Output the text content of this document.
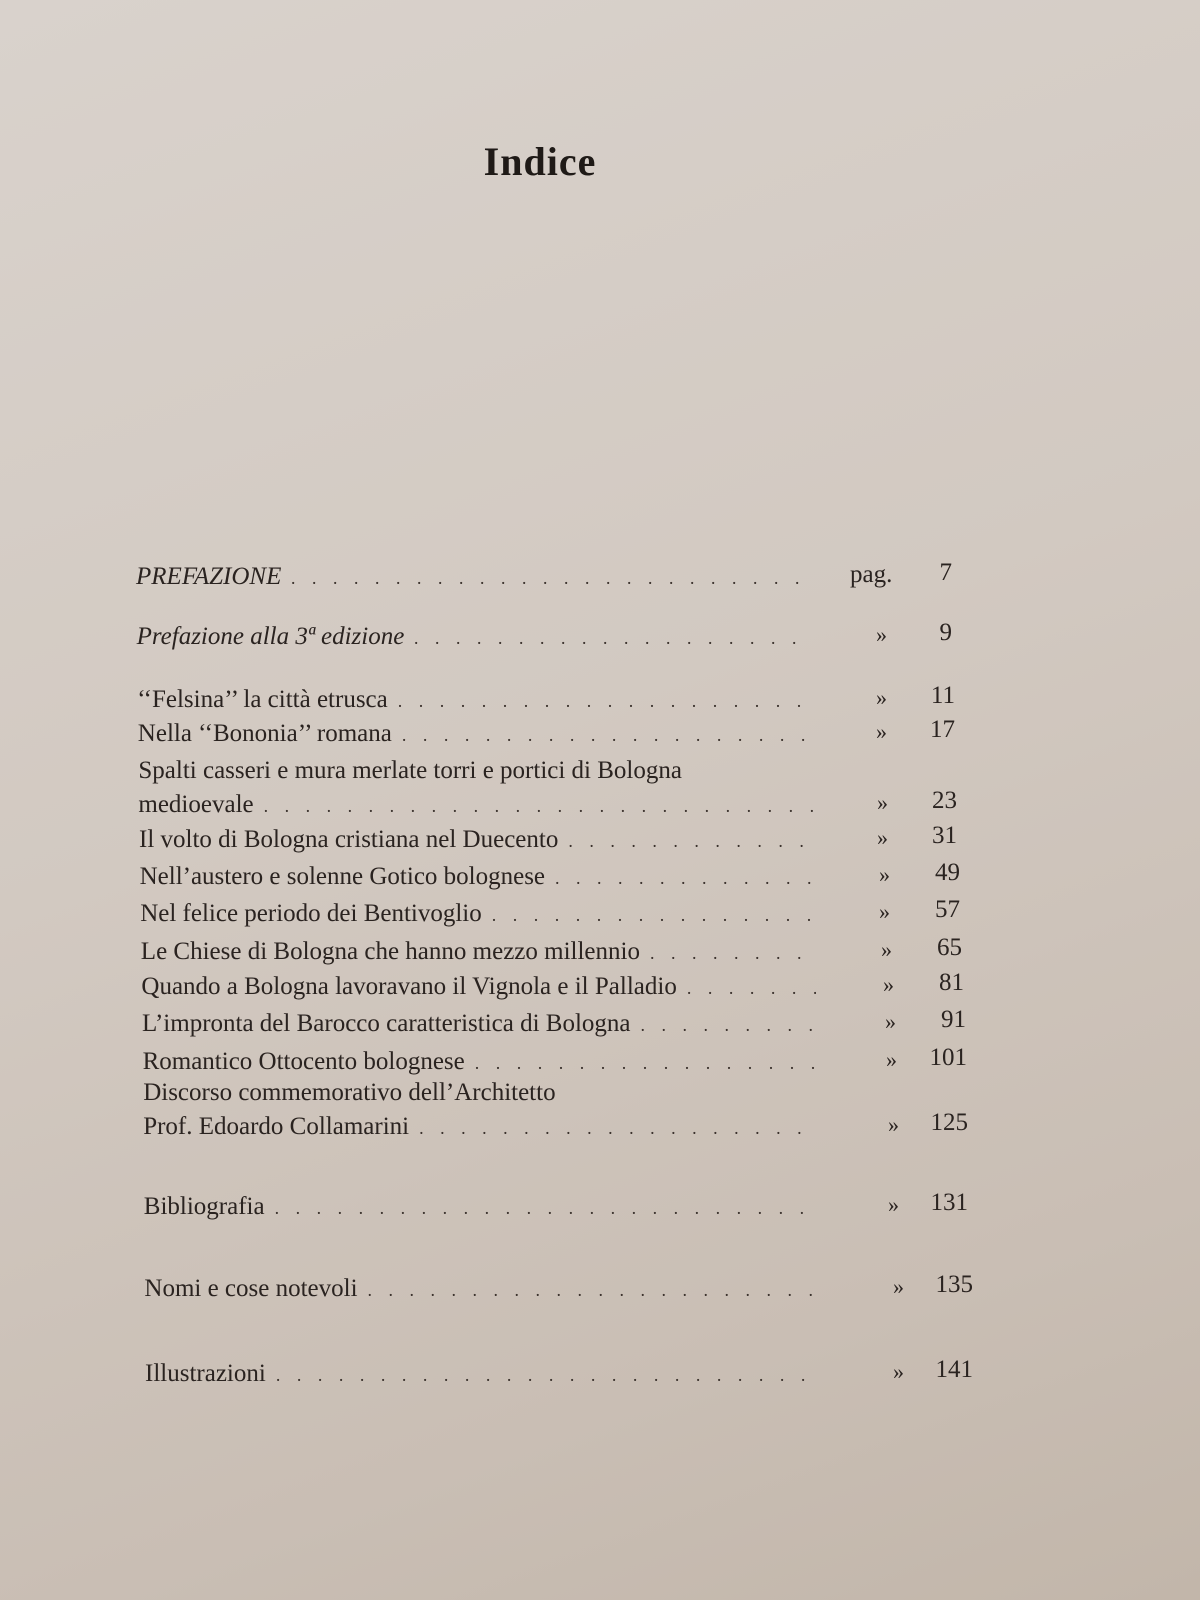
Indice
PREFAZIONE . . .	pag.	7
Prefazione alla 3ª edizione . . .	»	9
‘‘Felsina’’ la città etrusca . . .	»	11
Nella ‘‘Bononia’’ romana . . .	»	17
Spalti casseri e mura merlate torri e portici di Bologna
medioevale . . .	»	23
Il volto di Bologna cristiana nel Duecento . . .	»	31
Nell’austero e solenne Gotico bolognese . . .	»	49
Nel felice periodo dei Bentivoglio . . .	»	57
Le Chiese di Bologna che hanno mezzo millennio . . .	»	65
Quando a Bologna lavoravano il Vignola e il Palladio . . .	»	81
L’impronta del Barocco caratteristica di Bologna . . .	»	91
Romantico Ottocento bolognese . . .	»	101
Discorso commemorativo dell’Architetto
Prof. Edoardo Collamarini . . .	»	125
Bibliografia . . .	»	131
Nomi e cose notevoli . . .	»	135
Illustrazioni . . .	»	141
